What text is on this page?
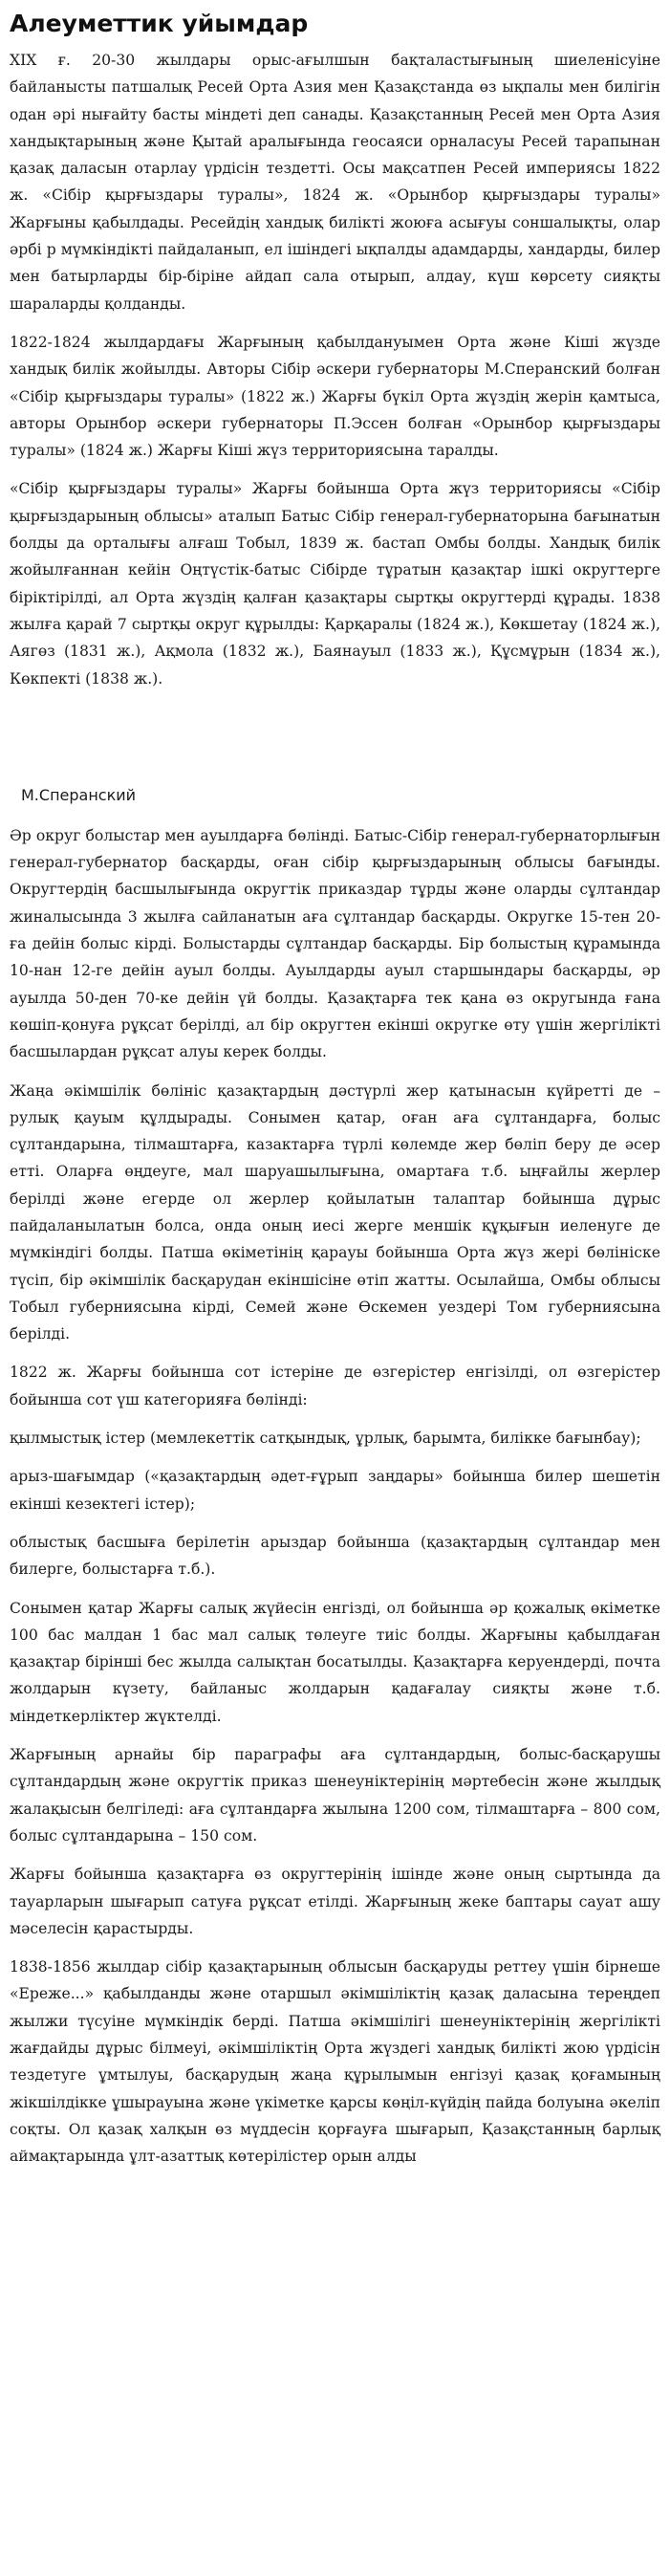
Алеуметтик уйымдар

ХІХ ғ. 20-30 жылдары орыс-ағылшын бақталастығының шиеленісуіне байланысты патшалық Ресей Орта Азия мен Қазақстанда өз ықпалы мен билігін одан әрі нығайту басты міндеті деп санады. Қазақстанның Ресей мен Орта Азия хандықтарының және Қытай аралығында геосаяси орналасуы Ресей тарапынан қазақ даласын отарлау үрдісін тездетті. Осы мақсатпен Ресей империясы 1822 ж. «Сібір қырғыздары туралы», 1824 ж. «Орынбор қырғыздары туралы» Жарғыны қабылдады. Ресейдің хандық билікті жоюға асығуы соншалықты, олар әрбі р мүмкіндікті пайдаланып, ел ішіндегі ықпалды адамдарды, хандарды, билер мен батырларды бір-біріне айдап сала отырып, алдау, күш көрсету сияқты шараларды қолданды.

1822-1824 жылдардағы Жарғының қабылдануымен Орта және Кіші жүзде хандық билік жойылды. Авторы Сібір әскери губернаторы М.Сперанский болған «Сібір қырғыздары туралы» (1822 ж.) Жарғы бүкіл Орта жүздің жерін қамтыса, авторы Орынбор әскери губернаторы П.Эссен болған «Орынбор қырғыздары туралы» (1824 ж.) Жарғы Кіші жүз территориясына таралды.

«Сібір қырғыздары туралы» Жарғы бойынша Орта жүз территориясы «Сібір қырғыздарының облысы» аталып Батыс Сібір генерал-губернаторына бағынатын болды да орталығы алғаш Тобыл, 1839 ж. бастап Омбы болды. Хандық билік жойылғаннан кейін Оңтүстік-батыс Сібірде тұратын қазақтар ішкі округтерге біріктірілді, ал Орта жүздің қалған қазақтары сыртқы округтерді құрады. 1838 жылға қарай 7 сыртқы округ құрылды: Қарқаралы (1824 ж.), Көкшетау (1824 ж.), Аягөз (1831 ж.), Ақмола (1832 ж.), Баянауыл (1833 ж.), Құсмұрын (1834 ж.), Көкпекті (1838 ж.).

М.Сперанский

Әр округ болыстар мен ауылдарға бөлінді. Батыс-Сібір генерал-губернаторлығын генерал-губернатор басқарды, оған сібір қырғыздарының облысы бағынды. Округтердің басшылығында округтік приказдар тұрды және оларды сұлтандар жиналысында 3 жылға сайланатын аға сұлтандар басқарды. Округке 15-тен 20-ға дейін болыс кірді. Болыстарды сұлтандар басқарды. Бір болыстың құрамында 10-нан 12-ге дейін ауыл болды. Ауылдарды ауыл старшындары басқарды, әр ауылда 50-ден 70-ке дейін үй болды. Қазақтарға тек қана өз округында ғана көшіп-қонуға рұқсат берілді, ал бір округтен екінші округке өту үшін жергілікті басшылардан рұқсат алуы керек болды.

Жаңа әкімшілік бөлініс қазақтардың дәстүрлі жер қатынасын күйретті де – рулық қауым құлдырады. Сонымен қатар, оған аға сұлтандарға, болыс сұлтандарына, тілмаштарға, казактарға түрлі көлемде жер бөліп беру де әсер етті. Оларға өңдеуге, мал шаруашылығына, омартаға т.б. ыңғайлы жерлер берілді және егерде ол жерлер қойылатын талаптар бойынша дұрыс пайдаланылатын болса, онда оның иесі жерге меншік құқығын иеленуге де мүмкіндігі болды. Патша өкіметінің қарауы бойынша Орта жүз жері бөлініске түсіп, бір әкімшілік басқарудан екіншісіне өтіп жатты. Осылайша, Омбы облысы Тобыл губерниясына кірді, Семей және Өскемен уездері Том губерниясына берілді.

1822 ж. Жарғы бойынша сот істеріне де өзгерістер енгізілді, ол өзгерістер бойынша сот үш категорияға бөлінді:

қылмыстық істер (мемлекеттік сатқындық, ұрлық, барымта, билікке бағынбау);

арыз-шағымдар («қазақтардың әдет-ғұрып заңдары» бойынша билер шешетін екінші кезектегі істер);

облыстық басшыға берілетін арыздар бойынша (қазақтардың сұлтандар мен билерге, болыстарға т.б.).

Сонымен қатар Жарғы салық жүйесін енгізді, ол бойынша әр қожалық өкіметке 100 бас малдан 1 бас мал салық төлеуге тиіс болды. Жарғыны қабылдаған қазақтар бірінші бес жылда салықтан босатылды. Қазақтарға керуендерді, почта жолдарын күзету, байланыс жолдарын қадағалау сияқты және т.б. міндеткерліктер жүктелді.

Жарғының арнайы бір параграфы аға сұлтандардың, болыс-басқарушы сұлтандардың және округтік приказ шенеуніктерінің мәртебесін және жылдық жалақысын белгіледі: аға сұлтандарға жылына 1200 сом, тілмаштарға – 800 сом, болыс сұлтандарына – 150 сом.

Жарғы бойынша қазақтарға өз округтерінің ішінде және оның сыртында да тауарларын шығарып сатуға рұқсат етілді. Жарғының жеке баптары сауат ашу мәселесін қарастырды.

1838-1856 жылдар сібір қазақтарының облысын басқаруды реттеу үшін бірнеше «Ереже...» қабылданды және отаршыл әкімшіліктің қазақ даласына тереңдеп жылжи түсуіне мүмкіндік берді. Патша әкімшілігі шенеуніктерінің жергілікті жағдайды дұрыс білмеуі, әкімшіліктің Орта жүздегі хандық билікті жою үрдісін тездетуге ұмтылуы, басқарудың жаңа құрылымын енгізуі қазақ қоғамының жікшілдікке ұшырауына және үкіметке қарсы көңіл-күйдің пайда болуына әкеліп соқты. Ол қазақ халқын өз мүддесін қорғауға шығарып, Қазақстанның барлық аймақтарында ұлт-азаттық көтерілістер орын алды
